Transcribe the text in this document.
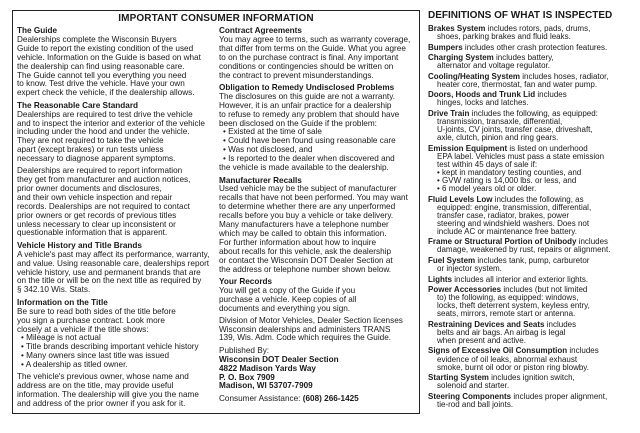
IMPORTANT CONSUMER INFORMATION
The Guide
Dealerships complete the Wisconsin Buyers
Guide to report the existing condition of the used
vehicle. Information on the Guide is based on what
the dealership can find using reasonable care.
The Guide cannot tell you everything you need
to know. Test drive the vehicle. Have your own
expert check the vehicle, if the dealership allows.
The Reasonable Care Standard
Dealerships are required to test drive the vehicle
and to inspect the interior and exterior of the vehicle
including under the hood and under the vehicle.
They are not required to take the vehicle
apart (except brakes) or run tests unless
necessary to diagnose apparent symptoms.
Dealerships are required to report information
they get from manufacturer and auction notices,
prior owner documents and disclosures,
and their own vehicle inspection and repair
records. Dealerships are not required to contact
prior owners or get records of previous titles
unless necessary to clear up inconsistent or
questionable information that is apparent.
Vehicle History and Title Brands
A vehicle's past may affect its performance, warranty,
and value. Using reasonable care, dealerships report
vehicle history, use and permanent brands that are
on the title or will be on the next title as required by
§ 342.10 Wis. Stats.
Information on the Title
Be sure to read both sides of the title before
you sign a purchase contract. Look more
closely at a vehicle if the title shows:
• Mileage is not actual
• Title brands describing important vehicle history
• Many owners since last title was issued
• A dealership as titled owner.
The vehicle's previous owner, whose name and
address are on the title, may provide useful
information. The dealership will give you the name
and address of the prior owner if you ask for it.
Contract Agreements
You may agree to terms, such as warranty coverage,
that differ from terms on the Guide. What you agree
to on the purchase contract is final. Any important
conditions or contingencies should be written on
the contract to prevent misunderstandings.
Obligation to Remedy Undisclosed Problems
The disclosures on this guide are not a warranty.
However, it is an unfair practice for a dealership
to refuse to remedy any problem that should have
been disclosed on the Guide if the problem:
• Existed at the time of sale
• Could have been found using reasonable care
• Was not disclosed, and
• Is reported to the dealer when discovered and
the vehicle is made available to the dealership.
Manufacturer Recalls
Used vehicle may be the subject of manufacturer
recalls that have not been performed. You may want
to determine whether there are any unperformed
recalls before you buy a vehicle or take delivery.
Many manufacturers have a telephone number
which may be called to obtain this information.
For further information about how to inquire
about recalls for this vehicle, ask the dealership
or contact the Wisconsin DOT Dealer Section at
the address or telephone number shown below.
Your Records
You will get a copy of the Guide if you
purchase a vehicle. Keep copies of all
documents and everything you sign.
Division of Motor Vehicles, Dealer Section licenses
Wisconsin dealerships and administers TRANS
139, Wis. Adm. Code which requires the Guide.
Published By:
Wisconsin DOT Dealer Section
4822 Madison Yards Way
P. O. Box 7909
Madison, WI 53707-7909
Consumer Assistance: (608) 266-1425
DEFINITIONS OF WHAT IS INSPECTED
Brakes System includes rotors, pads, drums,
shoes, parking brakes and fluid leaks.
Bumpers includes other crash protection features.
Charging System includes battery,
alternator and voltage regulator.
Cooling/Heating System includes hoses, radiator,
heater core, thermostat, fan and water pump.
Doors, Hoods and Trunk Lid includes
hinges, locks and latches.
Drive Train includes the following, as equipped:
transmission, transaxle, differential,
U-joints, CV joints, transfer case, driveshaft,
axle, clutch, pinion and ring gears.
Emission Equipment is listed on underhood
EPA label. Vehicles must pass a state emission
test within 45 days of sale if:
• kept in mandatory testing counties, and
• GVW rating is 14,000 lbs. or less, and
• 6 model years old or older.
Fluid Levels Low includes the following, as
equipped: engine, transmission, differential,
transfer case, radiator, brakes, power
steering and windshield washers. Does not
include AC or maintenance free battery.
Frame or Structural Portion of Unibody includes
damage, weakened by rust, repairs or alignment.
Fuel System includes tank, pump, carburetor
or injector system.
Lights includes all interior and exterior lights.
Power Accessories includes (but not limited
to) the following, as equipped: windows,
locks, theft deterrent system, keyless entry,
seats, mirrors, remote start or antenna.
Restraining Devices and Seats includes
belts and air bags. An airbag is legal
when present and active.
Signs of Excessive Oil Consumption includes
evidence of oil leaks, abnormal exhaust
smoke, burnt oil odor or piston ring blowby.
Starting System includes ignition switch,
solenoid and starter.
Steering Components includes proper alignment,
tie-rod and ball joints.
